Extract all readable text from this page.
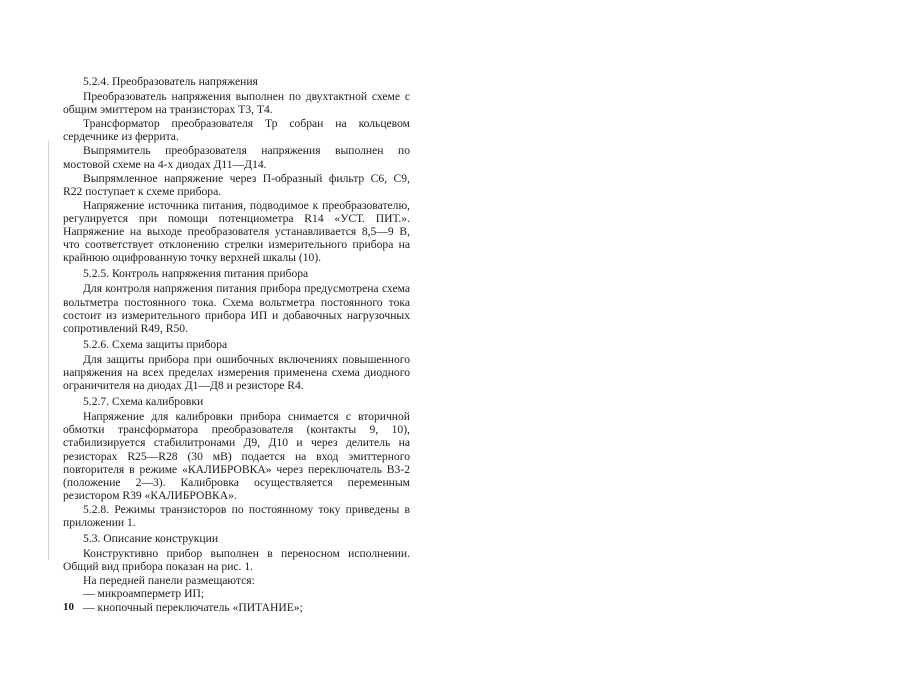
5.2.4. Преобразователь напряжения

Преобразователь напряжения выполнен по двухтактной схеме с общим эмиттером на транзисторах Т3, Т4.

Трансформатор преобразователя Тр собран на кольцевом сердечнике из феррита.

Выпрямитель преобразователя напряжения выполнен по мостовой схеме на 4-х диодах Д11—Д14.

Выпрямленное напряжение через П-образный фильтр С6, С9, R22 поступает к схеме прибора.

Напряжение источника питания, подводимое к преобразователю, регулируется при помощи потенциометра R14 «УСТ. ПИТ.». Напряжение на выходе преобразователя устанавливается 8,5—9 В, что соответствует отклонению стрелки измерительного прибора на крайнюю оцифрованную точку верхней шкалы (10).

5.2.5. Контроль напряжения питания прибора

Для контроля напряжения питания прибора предусмотрена схема вольтметра постоянного тока. Схема вольтметра постоянного тока состоит из измерительного прибора ИП и добавочных нагрузочных сопротивлений R49, R50.

5.2.6. Схема защиты прибора

Для защиты прибора при ошибочных включениях повышенного напряжения на всех пределах измерения применена схема диодного ограничителя на диодах Д1—Д8 и резисторе R4.

5.2.7. Схема калибровки

Напряжение для калибровки прибора снимается с вторичной обмотки трансформатора преобразователя (контакты 9, 10), стабилизируется стабилитронами Д9, Д10 и через делитель на резисторах R25—R28 (30 мВ) подается на вход эмиттерного повторителя в режиме «КАЛИБРОВКА» через переключатель В3-2 (положение 2—3). Калибровка осуществляется переменным резистором R39 «КАЛИБРОВКА».

5.2.8. Режимы транзисторов по постоянному току приведены в приложении 1.

5.3. Описание конструкции

Конструктивно прибор выполнен в переносном исполнении. Общий вид прибора показан на рис. 1.

На передней панели размещаются:

— микроамперметр ИП;

— кнопочный переключатель «ПИТАНИЕ»;

10
